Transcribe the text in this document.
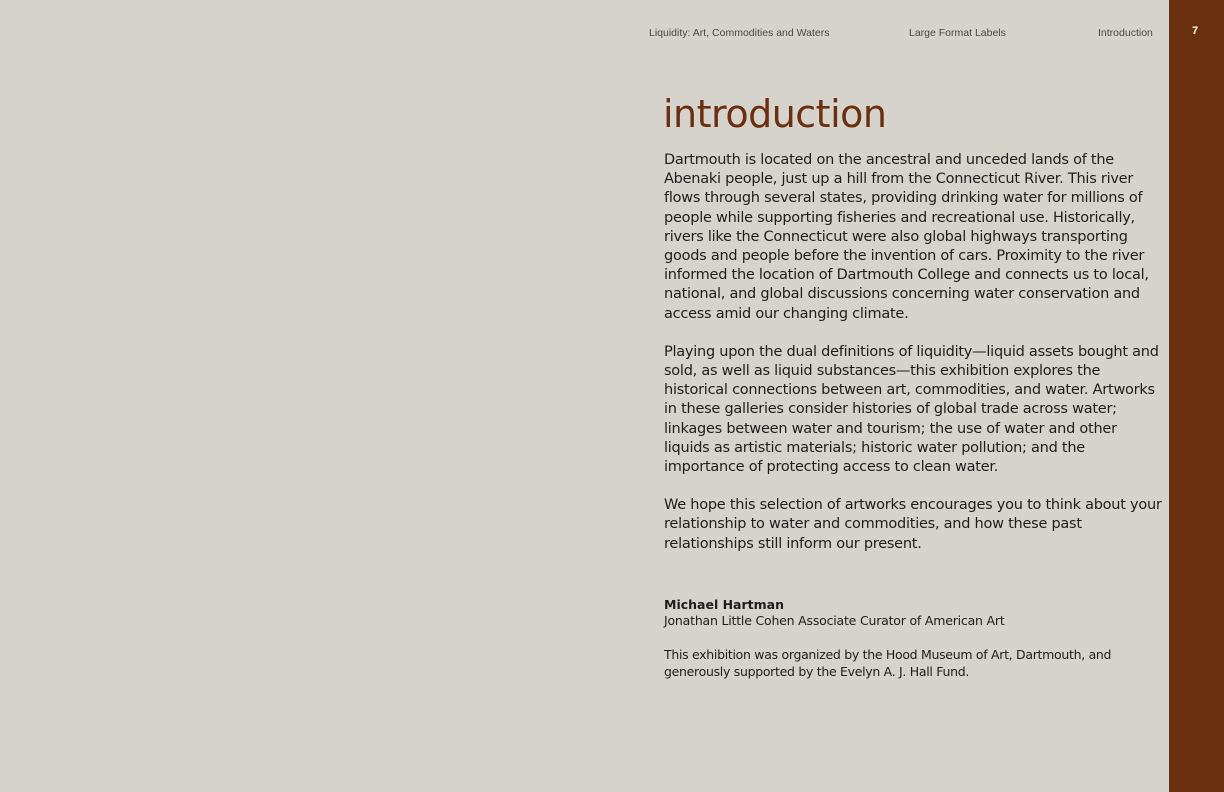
Liquidity: Art, Commodities and Waters	Large Format Labels	Introduction	7
introduction

Dartmouth is located on the ancestral and unceded lands of the Abenaki people, just up a hill from the Connecticut River. This river flows through several states, providing drinking water for millions of people while supporting fisheries and recreational use. Historically, rivers like the Connecticut were also global highways transporting goods and people before the invention of cars. Proximity to the river informed the location of Dartmouth College and connects us to local, national, and global discussions concerning water conservation and access amid our changing climate.

Playing upon the dual definitions of liquidity—liquid assets bought and sold, as well as liquid substances—this exhibition explores the historical connections between art, commodities, and water. Artworks in these galleries consider histories of global trade across water; linkages between water and tourism; the use of water and other liquids as artistic materials; historic water pollution; and the importance of protecting access to clean water.

We hope this selection of artworks encourages you to think about your relationship to water and commodities, and how these past relationships still inform our present.

Michael Hartman
Jonathan Little Cohen Associate Curator of American Art

This exhibition was organized by the Hood Museum of Art, Dartmouth, and generously supported by the Evelyn A. J. Hall Fund.
